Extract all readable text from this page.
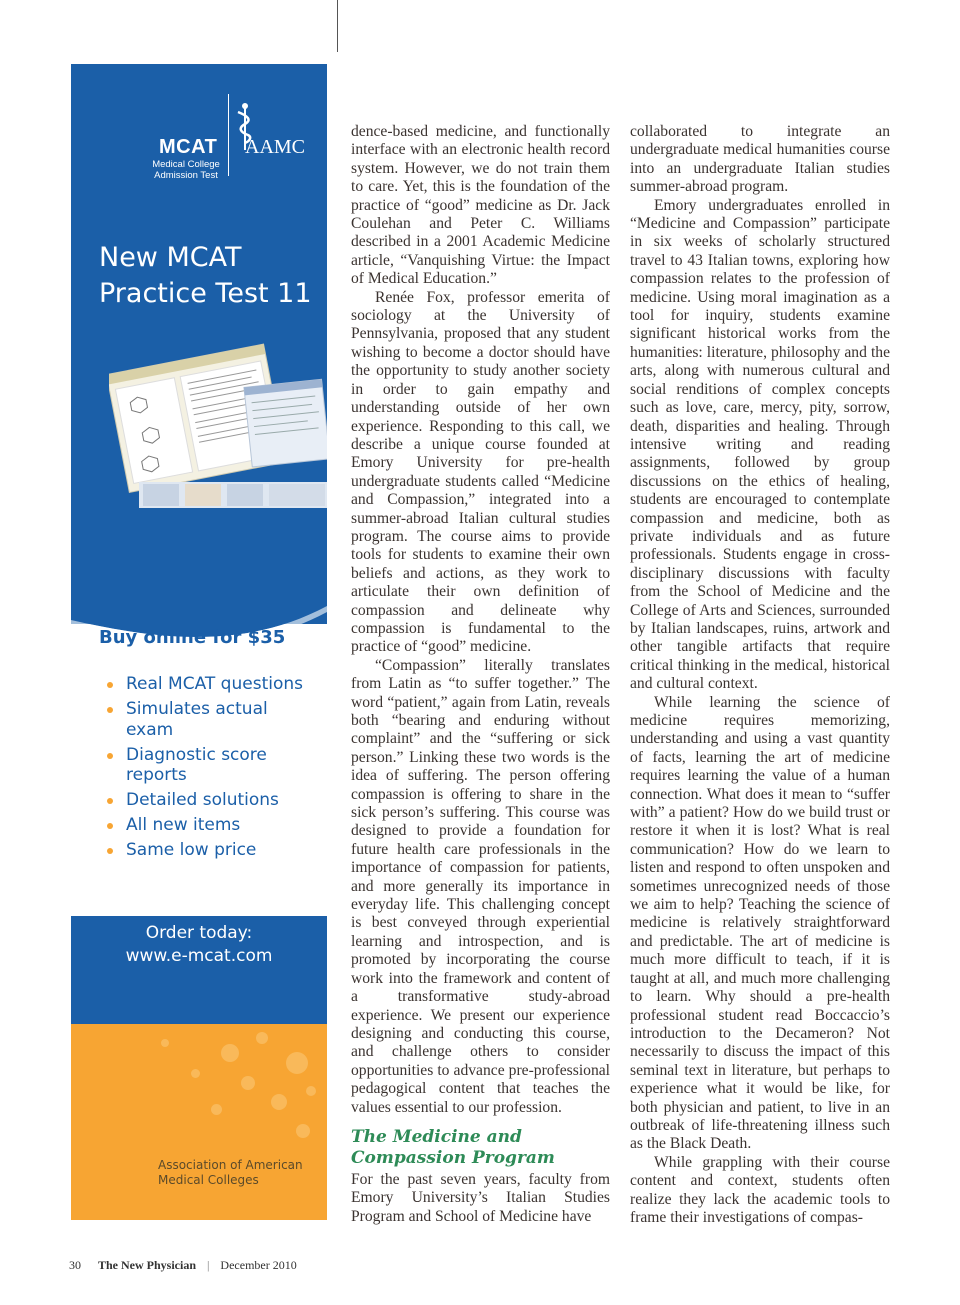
MCAT
Medical College Admission Test
AAMC
New MCAT Practice Test 11
Buy online for $35
Real MCAT questions
Simulates actual exam
Diagnostic score reports
Detailed solutions
All new items
Same low price
Order today:
www.e-mcat.com
Association of American Medical Colleges

dence-based medicine, and functionally interface with an electronic health record system. However, we do not train them to care. Yet, this is the foundation of the practice of “good” medicine as Dr. Jack Coulehan and Peter C. Williams described in a 2001 Academic Medicine article, “Vanquishing Virtue: the Impact of Medical Education.”

Renée Fox, professor emerita of sociology at the University of Pennsylvania, proposed that any student wishing to become a doctor should have the opportunity to study another society in order to gain empathy and understanding outside of her own experience. Responding to this call, we describe a unique course founded at Emory University for pre-health undergraduate students called “Medicine and Compassion,” integrated into a summer-abroad Italian cultural studies program. The course aims to provide tools for students to examine their own beliefs and actions, as they work to articulate their own definition of compassion and delineate why compassion is fundamental to the practice of “good” medicine.

“Compassion” literally translates from Latin as “to suffer together.” The word “patient,” again from Latin, reveals both “bearing and enduring without complaint” and the “suffering or sick person.” Linking these two words is the idea of suffering. The person offering compassion is offering to share in the sick person’s suffering. This course was designed to provide a foundation for future health care professionals in the importance of compassion for patients, and more generally its importance in everyday life. This challenging concept is best conveyed through experiential learning and introspection, and is promoted by incorporating the course work into the framework and content of a transformative study-abroad experience. We present our experience designing and conducting this course, and challenge others to consider opportunities to advance pre-professional pedagogical content that teaches the values essential to our profession.

The Medicine and Compassion Program

For the past seven years, faculty from Emory University’s Italian Studies Program and School of Medicine have

collaborated to integrate an undergraduate medical humanities course into an undergraduate Italian studies summer-abroad program.

Emory undergraduates enrolled in “Medicine and Compassion” participate in six weeks of scholarly structured travel to 43 Italian towns, exploring how compassion relates to the profession of medicine. Using moral imagination as a tool for inquiry, students examine significant historical works from the humanities: literature, philosophy and the arts, along with numerous cultural and social renditions of complex concepts such as love, care, mercy, pity, sorrow, death, disparities and healing. Through intensive writing and reading assignments, followed by group discussions on the ethics of healing, students are encouraged to contemplate compassion and medicine, both as private individuals and as future professionals. Students engage in cross-disciplinary discussions with faculty from the School of Medicine and the College of Arts and Sciences, surrounded by Italian landscapes, ruins, artwork and other tangible artifacts that require critical thinking in the medical, historical and cultural context.

While learning the science of medicine requires memorizing, understanding and using a vast quantity of facts, learning the art of medicine requires learning the value of a human connection. What does it mean to “suffer with” a patient? How do we build trust or restore it when it is lost? What is real communication? How do we learn to listen and respond to often unspoken and sometimes unrecognized needs of those we aim to help? Teaching the science of medicine is relatively straightforward and predictable. The art of medicine is much more difficult to teach, if it is taught at all, and much more challenging to learn. Why should a pre-health professional student read Boccaccio’s introduction to the Decameron? Not necessarily to discuss the impact of this seminal text in literature, but perhaps to experience what it would be like, for both physician and patient, to live in an outbreak of life-threatening illness such as the Black Death.

While grappling with their course content and context, students often realize they lack the academic tools to frame their investigations of compas-

30 The New Physician | December 2010
